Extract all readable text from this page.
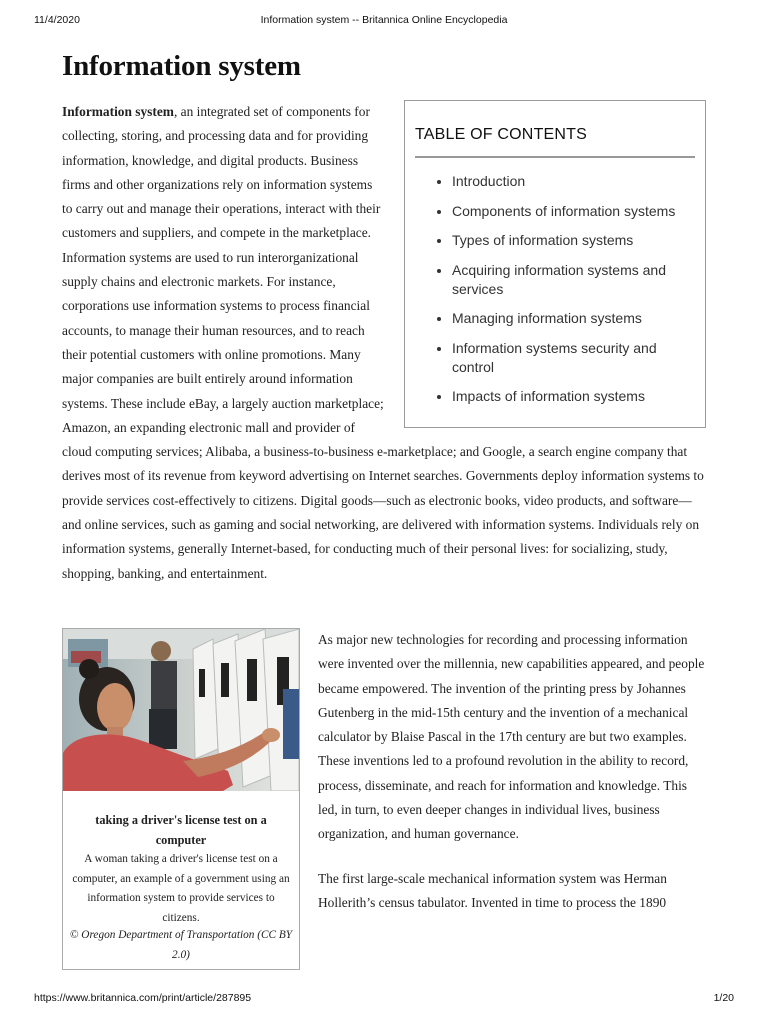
11/4/2020	Information system -- Britannica Online Encyclopedia
Information system
TABLE OF CONTENTS
• Introduction
• Components of information systems
• Types of information systems
• Acquiring information systems and services
• Managing information systems
• Information systems security and control
• Impacts of information systems
Information system, an integrated set of components for collecting, storing, and processing data and for providing information, knowledge, and digital products. Business firms and other organizations rely on information systems to carry out and manage their operations, interact with their customers and suppliers, and compete in the marketplace. Information systems are used to run interorganizational supply chains and electronic markets. For instance, corporations use information systems to process financial accounts, to manage their human resources, and to reach their potential customers with online promotions. Many major companies are built entirely around information systems. These include eBay, a largely auction marketplace; Amazon, an expanding electronic mall and provider of cloud computing services; Alibaba, a business-to-business e-marketplace; and Google, a search engine company that derives most of its revenue from keyword advertising on Internet searches. Governments deploy information systems to provide services cost-effectively to citizens. Digital goods—such as electronic books, video products, and software—and online services, such as gaming and social networking, are delivered with information systems. Individuals rely on information systems, generally Internet-based, for conducting much of their personal lives: for socializing, study, shopping, banking, and entertainment.
taking a driver's license test on a computer
A woman taking a driver's license test on a computer, an example of a government using an information system to provide services to citizens.
© Oregon Department of Transportation (CC BY 2.0)

As major new technologies for recording and processing information were invented over the millennia, new capabilities appeared, and people became empowered. The invention of the printing press by Johannes Gutenberg in the mid-15th century and the invention of a mechanical calculator by Blaise Pascal in the 17th century are but two examples. These inventions led to a profound revolution in the ability to record, process, disseminate, and reach for information and knowledge. This led, in turn, to even deeper changes in individual lives, business organization, and human governance.

The first large-scale mechanical information system was Herman Hollerith’s census tabulator. Invented in time to process the 1890

https://www.britannica.com/print/article/287895	1/20
